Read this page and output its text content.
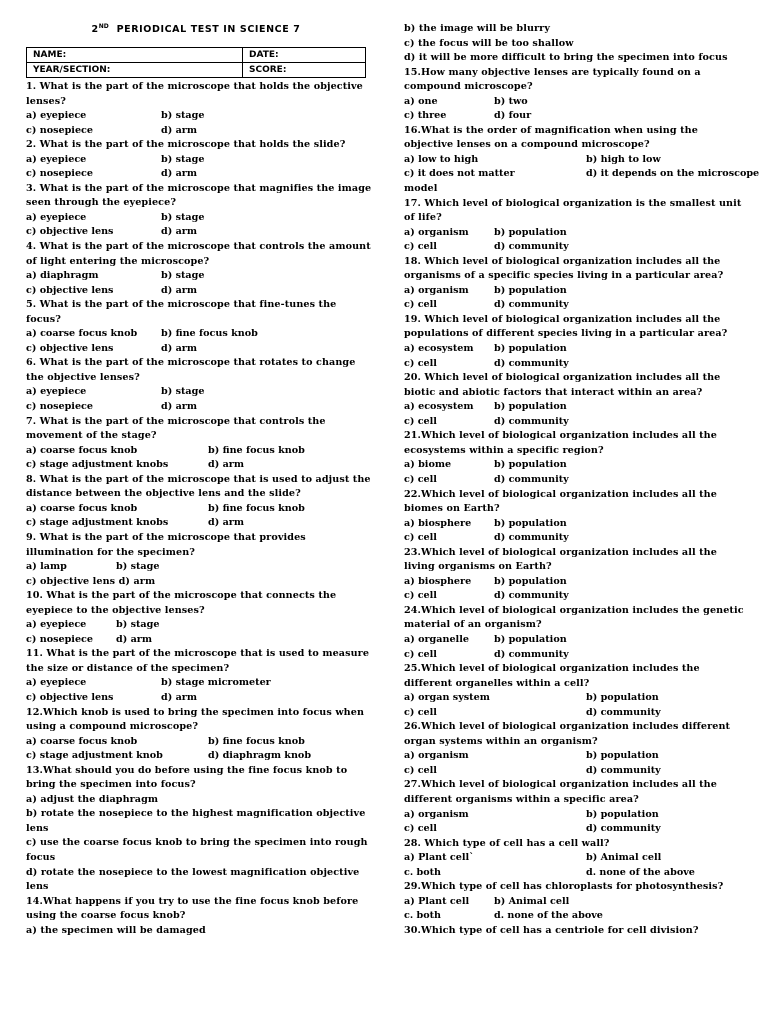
2ND PERIODICAL TEST IN SCIENCE 7
NAME:	DATE:
YEAR/SECTION:	SCORE:
1. What is the part of the microscope that holds the objective
lenses?
a) eyepiece	b) stage
c) nosepiece	d) arm
2. What is the part of the microscope that holds the slide?
a) eyepiece	b) stage
c) nosepiece	d) arm
3. What is the part of the microscope that magnifies the image
seen through the eyepiece?
a) eyepiece	b) stage
c) objective lens	d) arm
4. What is the part of the microscope that controls the amount
of light entering the microscope?
a) diaphragm	b) stage
c) objective lens	d) arm
5. What is the part of the microscope that fine-tunes the
focus?
a) coarse focus knob b) fine focus knob
c) objective lens	d) arm
6. What is the part of the microscope that rotates to change
the objective lenses?
a) eyepiece	b) stage
c) nosepiece	d) arm
7. What is the part of the microscope that controls the
movement of the stage?
a) coarse focus knob	b) fine focus knob
c) stage adjustment knobs	d) arm
8. What is the part of the microscope that is used to adjust the
distance between the objective lens and the slide?
a) coarse focus knob	b) fine focus knob
c) stage adjustment knobs	d) arm
9. What is the part of the microscope that provides
illumination for the specimen?
a) lamp	b) stage
c) objective lens d) arm
10. What is the part of the microscope that connects the
eyepiece to the objective lenses?
a) eyepiece	b) stage
c) nosepiece d) arm
11. What is the part of the microscope that is used to measure
the size or distance of the specimen?
a) eyepiece	b) stage micrometer
c) objective lens	d) arm
12.Which knob is used to bring the specimen into focus when
using a compound microscope?
a) coarse focus knob	b) fine focus knob
c) stage adjustment knob	d) diaphragm knob
13.What should you do before using the fine focus knob to
bring the specimen into focus?
a) adjust the diaphragm
b) rotate the nosepiece to the highest magnification objective
lens
c) use the coarse focus knob to bring the specimen into rough
focus
d) rotate the nosepiece to the lowest magnification objective
lens
14.What happens if you try to use the fine focus knob before
using the coarse focus knob?
a) the specimen will be damaged
b) the image will be blurry
c) the focus will be too shallow
d) it will be more difficult to bring the specimen into focus
15.How many objective lenses are typically found on a
compound microscope?
a) one	b) two
c) three	d) four
16.What is the order of magnification when using the
objective lenses on a compound microscope?
a) low to high	b) high to low
c) it does not matter	d) it depends on the microscope
model
17. Which level of biological organization is the smallest unit
of life?
a) organism	b) population
c) cell	d) community
18. Which level of biological organization includes all the
organisms of a specific species living in a particular area?
a) organism	b) population
c) cell	d) community
19. Which level of biological organization includes all the
populations of different species living in a particular area?
a) ecosystem b) population
c) cell	d) community
20. Which level of biological organization includes all the
biotic and abiotic factors that interact within an area?
a) ecosystem b) population
c) cell	d) community
21.Which level of biological organization includes all the
ecosystems within a specific region?
a) biome	b) population
c) cell	d) community
22.Which level of biological organization includes all the
biomes on Earth?
a) biosphere b) population
c) cell	d) community
23.Which level of biological organization includes all the
living organisms on Earth?
a) biosphere b) population
c) cell	d) community
24.Which level of biological organization includes the genetic
material of an organism?
a) organelle	b) population
c) cell	d) community
25.Which level of biological organization includes the
different organelles within a cell?
a) organ system	b) population
c) cell	d) community
26.Which level of biological organization includes different
organ systems within an organism?
a) organism	b) population
c) cell	d) community
27.Which level of biological organization includes all the
different organisms within a specific area?
a) organism	b) population
c) cell	d) community
28. Which type of cell has a cell wall?
a) Plant cell`	b) Animal cell
c. both	d. none of the above
29.Which type of cell has chloroplasts for photosynthesis?
a) Plant cell	b) Animal cell
c. both	d. none of the above
30.Which type of cell has a centriole for cell division?
